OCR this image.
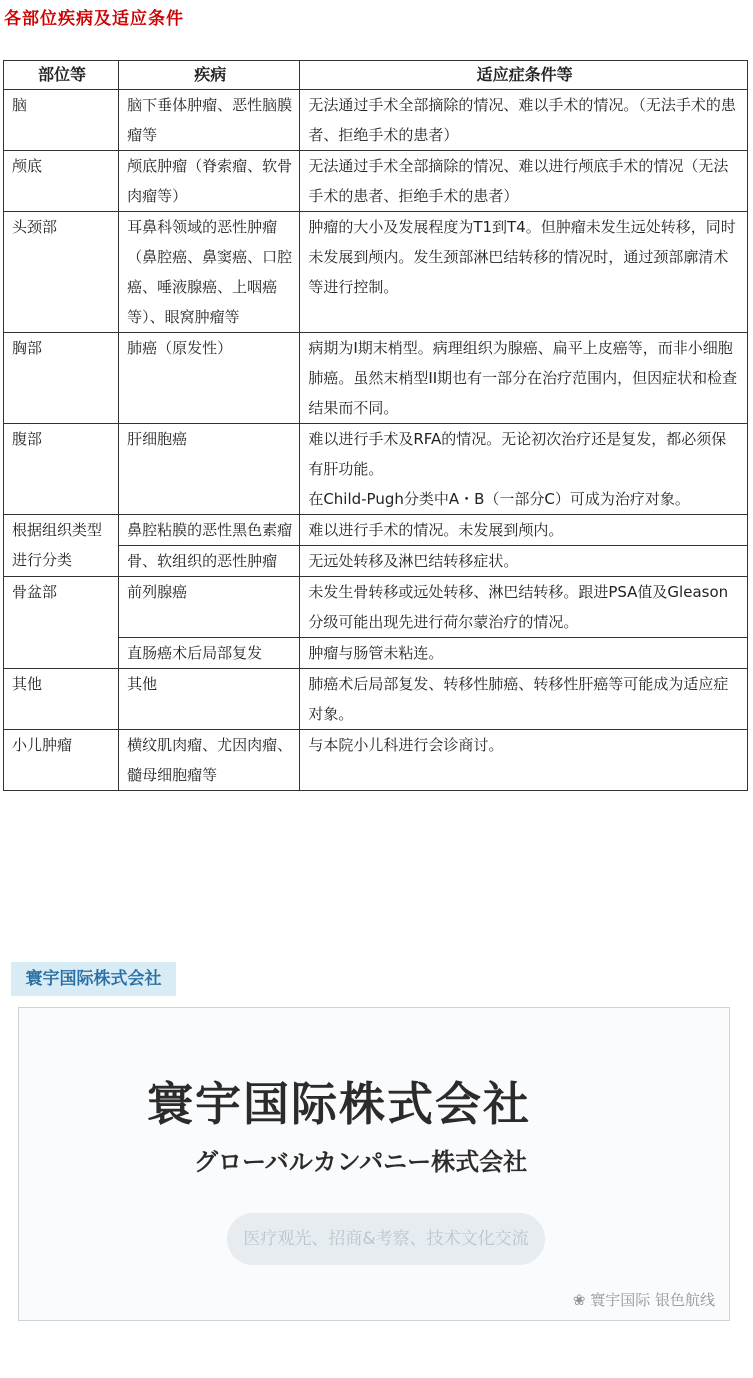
各部位疾病及适应条件
部位等	疾病	适应症条件等
脑	脑下垂体肿瘤、恶性脑膜瘤等	无法通过手术全部摘除的情况、难以手术的情况。（无法手术的患者、拒绝手术的患者）
颅底	颅底肿瘤（脊索瘤、软骨肉瘤等）	无法通过手术全部摘除的情况、难以进行颅底手术的情况（无法手术的患者、拒绝手术的患者）
头颈部	耳鼻科领域的恶性肿瘤（鼻腔癌、鼻窦癌、口腔癌、唾液腺癌、上咽癌等）、眼窝肿瘤等	肿瘤的大小及发展程度为T1到T4。但肿瘤未发生远处转移，同时未发展到颅内。发生颈部淋巴结转移的情况时，通过颈部廓清术等进行控制。
胸部	肺癌（原发性）	病期为Ⅰ期末梢型。病理组织为腺癌、扁平上皮癌等，而非小细胞肺癌。虽然末梢型II期也有一部分在治疗范围内，但因症状和检查结果而不同。
腹部	肝细胞癌	难以进行手术及RFA的情况。无论初次治疗还是复发，都必须保有肝功能。
在Child-Pugh分类中A・B（一部分C）可成为治疗对象。

根据组织类型进行分类	鼻腔粘膜的恶性黑色素瘤	难以进行手术的情况。未发展到颅内。
	骨、软组织的恶性肿瘤	无远处转移及淋巴结转移症状。
骨盆部	前列腺癌	未发生骨转移或远处转移、淋巴结转移。跟进PSA值及Gleason分级可能出现先进行荷尔蒙治疗的情况。
	直肠癌术后局部复发	肿瘤与肠管未粘连。
其他	其他	肺癌术后局部复发、转移性肺癌、转移性肝癌等可能成为适应症对象。
小儿肿瘤	横纹肌肉瘤、尤因肉瘤、髓母细胞瘤等	与本院小儿科进行会诊商讨。
寰宇国际株式会社
寰宇国际株式会社
グローバルカンパニー株式会社
医疗观光、招商&考察、技术文化交流
❀ 寰宇国际 银色航线
